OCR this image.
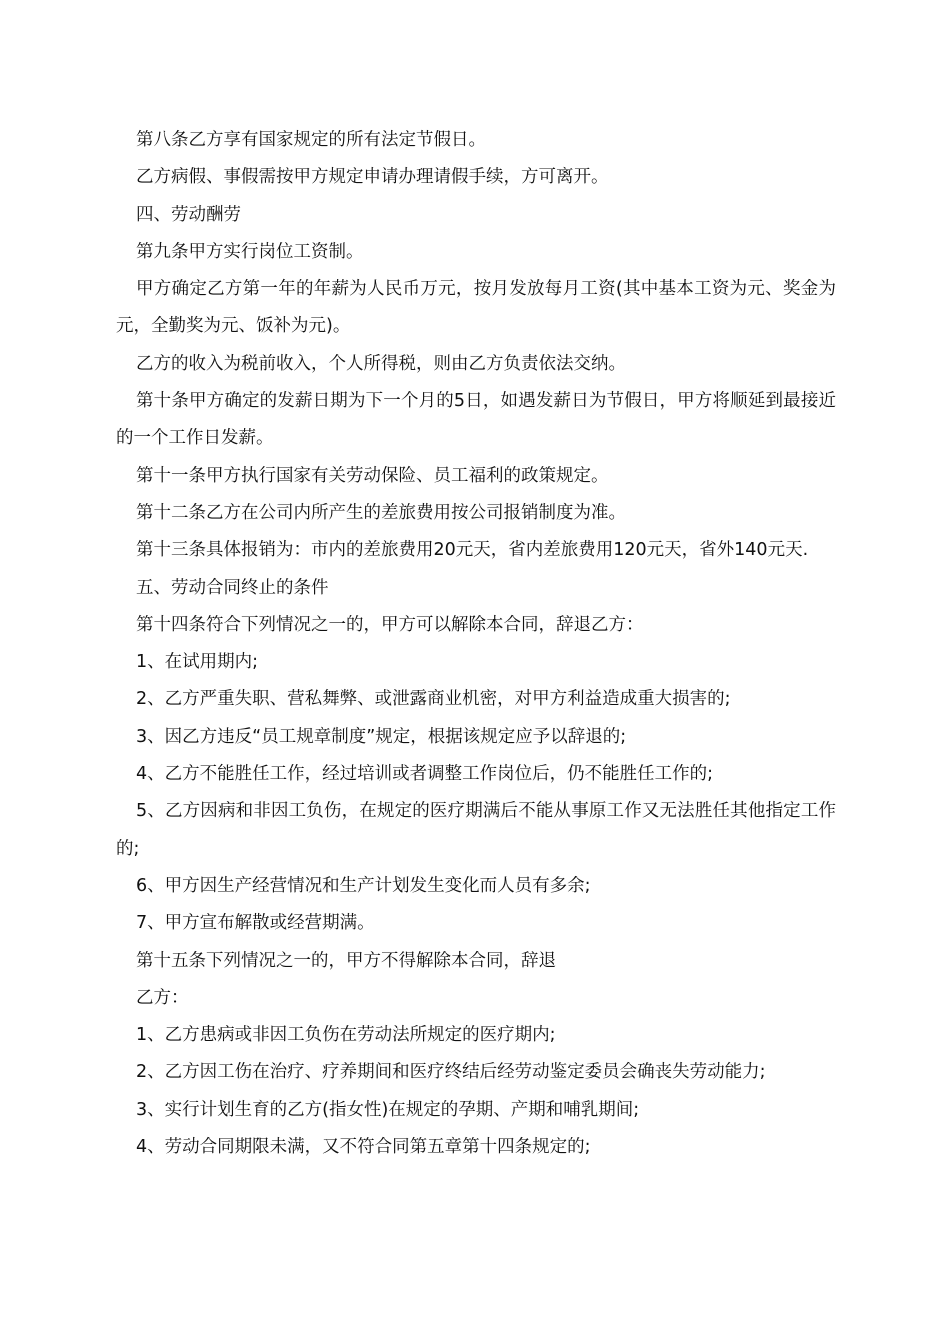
第八条乙方享有国家规定的所有法定节假日。

乙方病假、事假需按甲方规定申请办理请假手续，方可离开。

四、劳动酬劳

第九条甲方实行岗位工资制。

甲方确定乙方第一年的年薪为人民币万元，按月发放每月工资(其中基本工资为元、奖金为元，全勤奖为元、饭补为元)。

乙方的收入为税前收入，个人所得税，则由乙方负责依法交纳。

第十条甲方确定的发薪日期为下一个月的5日，如遇发薪日为节假日，甲方将顺延到最接近的一个工作日发薪。

第十一条甲方执行国家有关劳动保险、员工福利的政策规定。

第十二条乙方在公司内所产生的差旅费用按公司报销制度为准。

第十三条具体报销为：市内的差旅费用20元天，省内差旅费用120元天，省外140元天.

五、劳动合同终止的条件

第十四条符合下列情况之一的，甲方可以解除本合同，辞退乙方：

1、在试用期内;

2、乙方严重失职、营私舞弊、或泄露商业机密，对甲方利益造成重大损害的;

3、因乙方违反“员工规章制度”规定，根据该规定应予以辞退的;

4、乙方不能胜任工作，经过培训或者调整工作岗位后，仍不能胜任工作的;

5、乙方因病和非因工负伤，在规定的医疗期满后不能从事原工作又无法胜任其他指定工作的;

6、甲方因生产经营情况和生产计划发生变化而人员有多余;

7、甲方宣布解散或经营期满。

第十五条下列情况之一的，甲方不得解除本合同，辞退

乙方：

1、乙方患病或非因工负伤在劳动法所规定的医疗期内;

2、乙方因工伤在治疗、疗养期间和医疗终结后经劳动鉴定委员会确丧失劳动能力;

3、实行计划生育的乙方(指女性)在规定的孕期、产期和哺乳期间;

4、劳动合同期限未满，又不符合同第五章第十四条规定的;
